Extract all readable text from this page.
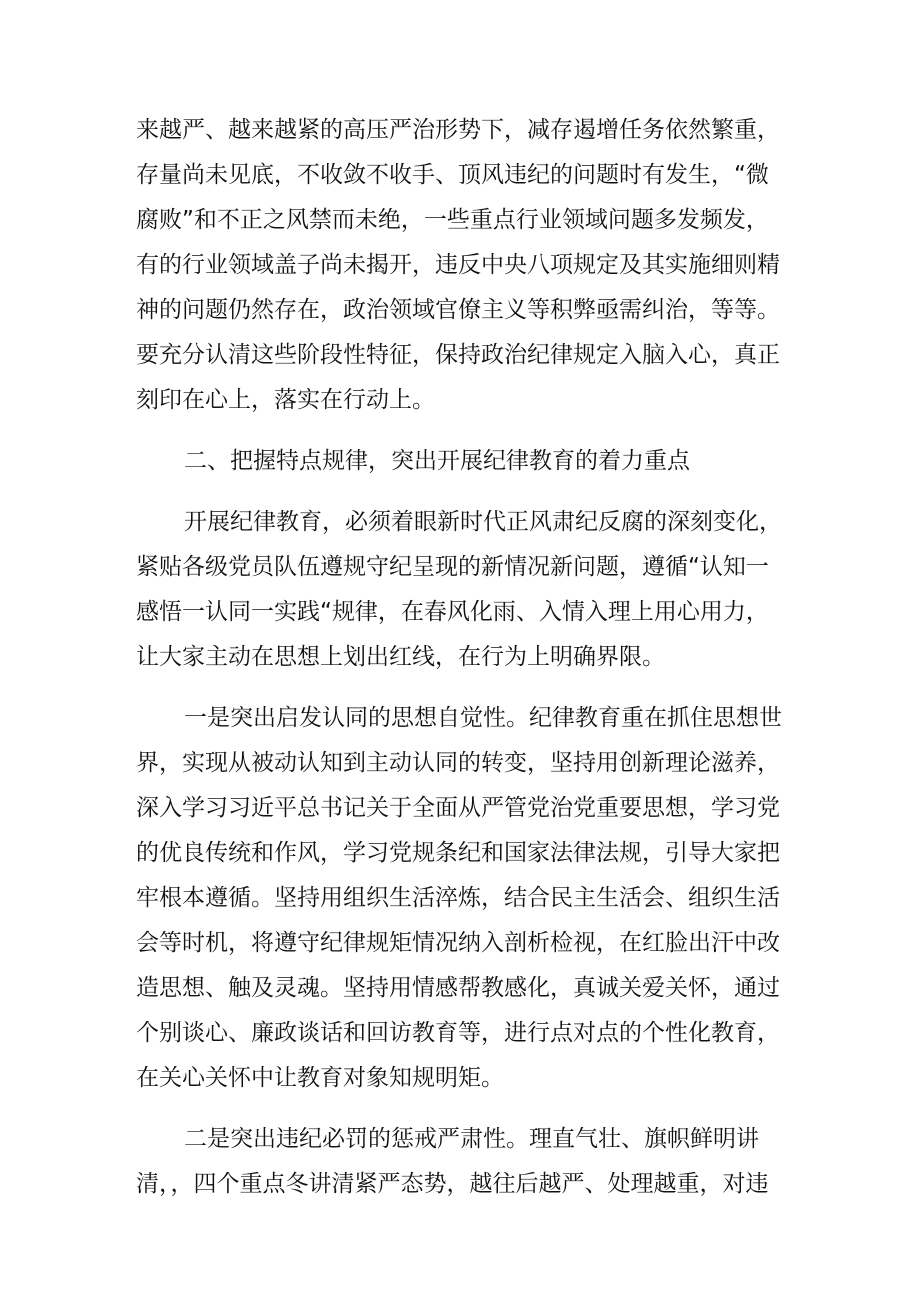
来越严、越来越紧的高压严治形势下，减存遏增任务依然繁重，
存量尚未见底，不收敛不收手、顶风违纪的问题时有发生，“微
腐败”和不正之风禁而未绝，一些重点行业领域问题多发频发，
有的行业领域盖子尚未揭开，违反中央八项规定及其实施细则精
神的问题仍然存在，政治领域官僚主义等积弊亟需纠治，等等。
要充分认清这些阶段性特征，保持政治纪律规定入脑入心，真正
刻印在心上，落实在行动上。
二、把握特点规律，突出开展纪律教育的着力重点
开展纪律教育，必须着眼新时代正风肃纪反腐的深刻变化，
紧贴各级党员队伍遵规守纪呈现的新情况新问题，遵循“认知一
感悟一认同一实践“规律，在春风化雨、入情入理上用心用力，
让大家主动在思想上划出红线，在行为上明确界限。
一是突出启发认同的思想自觉性。纪律教育重在抓住思想世
界，实现从被动认知到主动认同的转变，坚持用创新理论滋养，
深入学习习近平总书记关于全面从严管党治党重要思想，学习党
的优良传统和作风，学习党规条纪和国家法律法规，引导大家把
牢根本遵循。坚持用组织生活淬炼，结合民主生活会、组织生活
会等时机，将遵守纪律规矩情况纳入剖析检视，在红脸出汗中改
造思想、触及灵魂。坚持用情感帮教感化，真诚关爱关怀，通过
个别谈心、廉政谈话和回访教育等，进行点对点的个性化教育，
在关心关怀中让教育对象知规明矩。
二是突出违纪必罚的惩戒严肃性。理直气壮、旗帜鲜明讲
清，，四个重点冬讲清紧严态势，越往后越严、处理越重，对违
